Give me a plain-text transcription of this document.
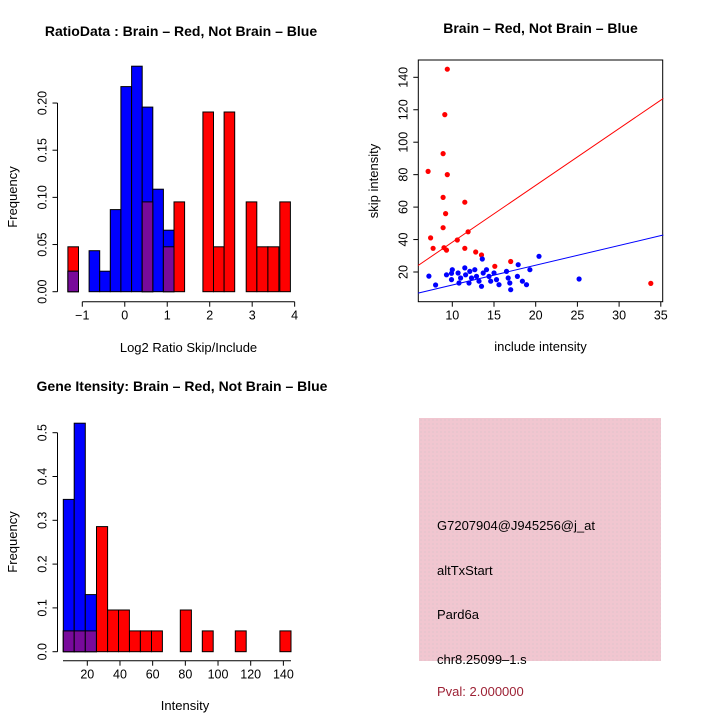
RatioData : Brain – Red, Not Brain – Blue
Log2 Ratio Skip/Include
Frequency
−1	0	1	2	3	4
0.00
0.05
0.10
0.15
0.20
Brain – Red, Not Brain – Blue
include intensity
skip intensity
10 15 20 25 30 35
20
40
60
80
100
120
140
Gene Itensity: Brain – Red, Not Brain – Blue
Intensity
Frequency
20 40 60 80 100 120 140
0.0
0.1
0.2
0.3
0.4
0.5
G7207904@J945256@j_at
altTxStart
Pard6a
chr8.25099–1.s
Pval: 2.000000
